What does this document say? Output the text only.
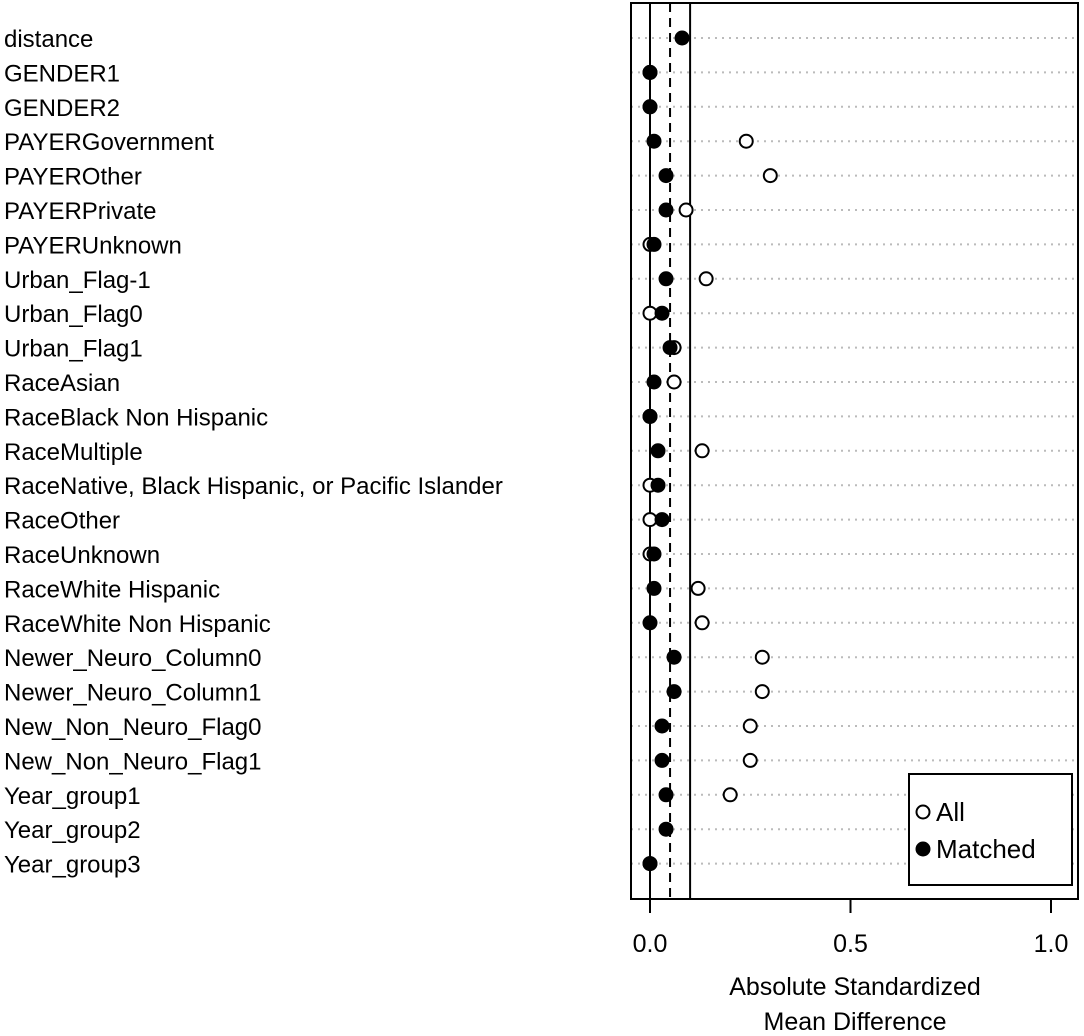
distance
GENDER1
GENDER2
PAYERGovernment
PAYEROther
PAYERPrivate
PAYERUnknown
Urban_Flag-1
Urban_Flag0
Urban_Flag1
RaceAsian
RaceBlack Non Hispanic
RaceMultiple
RaceNative, Black Hispanic, or Pacific Islander
RaceOther
RaceUnknown
RaceWhite Hispanic
RaceWhite Non Hispanic
Newer_Neuro_Column0
Newer_Neuro_Column1
New_Non_Neuro_Flag0
New_Non_Neuro_Flag1
Year_group1
Year_group2
Year_group3
0.0	0.5	1.0
Absolute Standardized
Mean Difference
All
Matched
